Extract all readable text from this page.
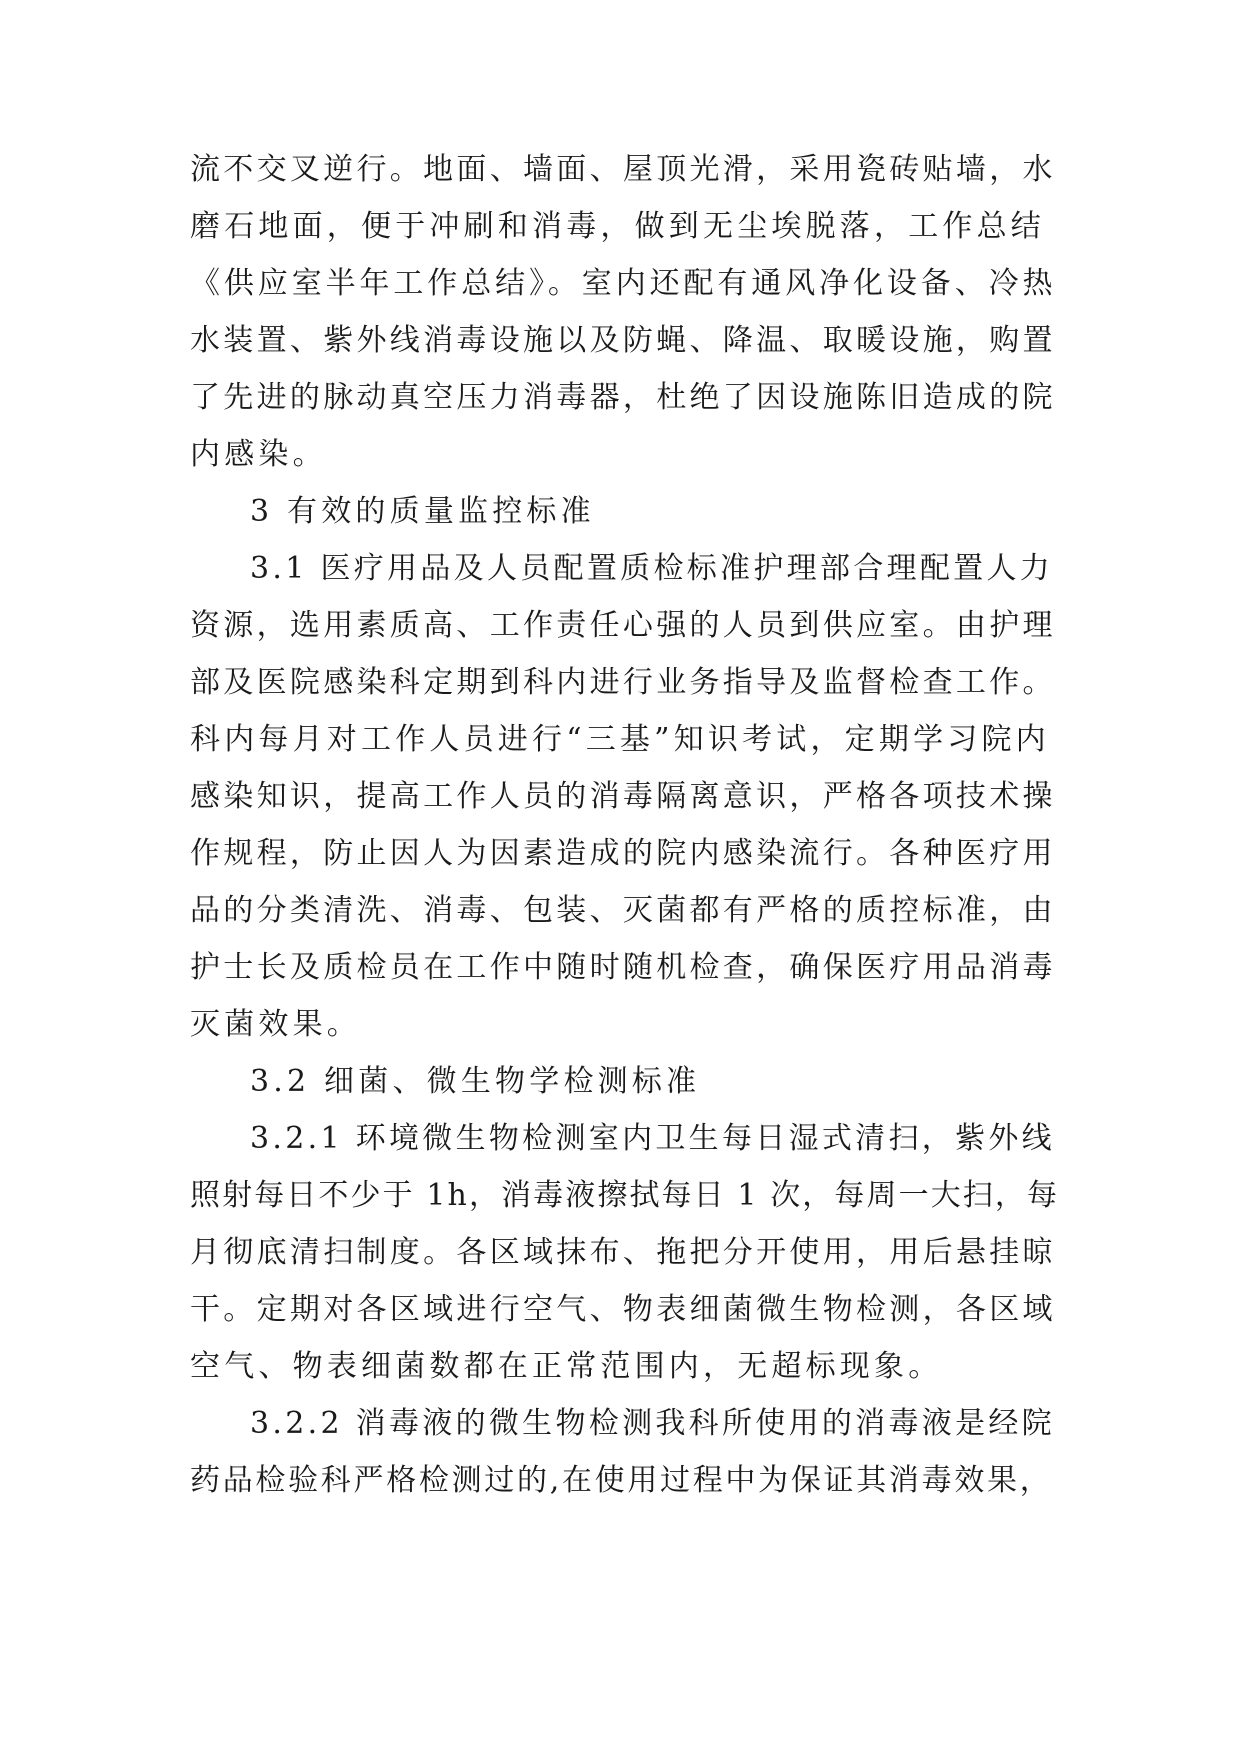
流不交叉逆行。地面、墙面、屋顶光滑，采用瓷砖贴墙，水
磨石地面，便于冲刷和消毒，做到无尘埃脱落，工作总结
《供应室半年工作总结》。室内还配有通风净化设备、冷热
水装置、紫外线消毒设施以及防蝇、降温、取暖设施，购置
了先进的脉动真空压力消毒器，杜绝了因设施陈旧造成的院
内感染。
3 有效的质量监控标准
3.1 医疗用品及人员配置质检标准护理部合理配置人力
资源，选用素质高、工作责任心强的人员到供应室。由护理
部及医院感染科定期到科内进行业务指导及监督检查工作。
科内每月对工作人员进行“三基”知识考试，定期学习院内
感染知识，提高工作人员的消毒隔离意识，严格各项技术操
作规程，防止因人为因素造成的院内感染流行。各种医疗用
品的分类清洗、消毒、包装、灭菌都有严格的质控标准，由
护士长及质检员在工作中随时随机检查，确保医疗用品消毒
灭菌效果。
3.2 细菌、微生物学检测标准
3.2.1 环境微生物检测室内卫生每日湿式清扫，紫外线
照射每日不少于 1h，消毒液擦拭每日 1 次，每周一大扫，每
月彻底清扫制度。各区域抹布、拖把分开使用，用后悬挂晾
干。定期对各区域进行空气、物表细菌微生物检测，各区域
空气、物表细菌数都在正常范围内，无超标现象。
3.2.2 消毒液的微生物检测我科所使用的消毒液是经院
药品检验科严格检测过的,在使用过程中为保证其消毒效果，
